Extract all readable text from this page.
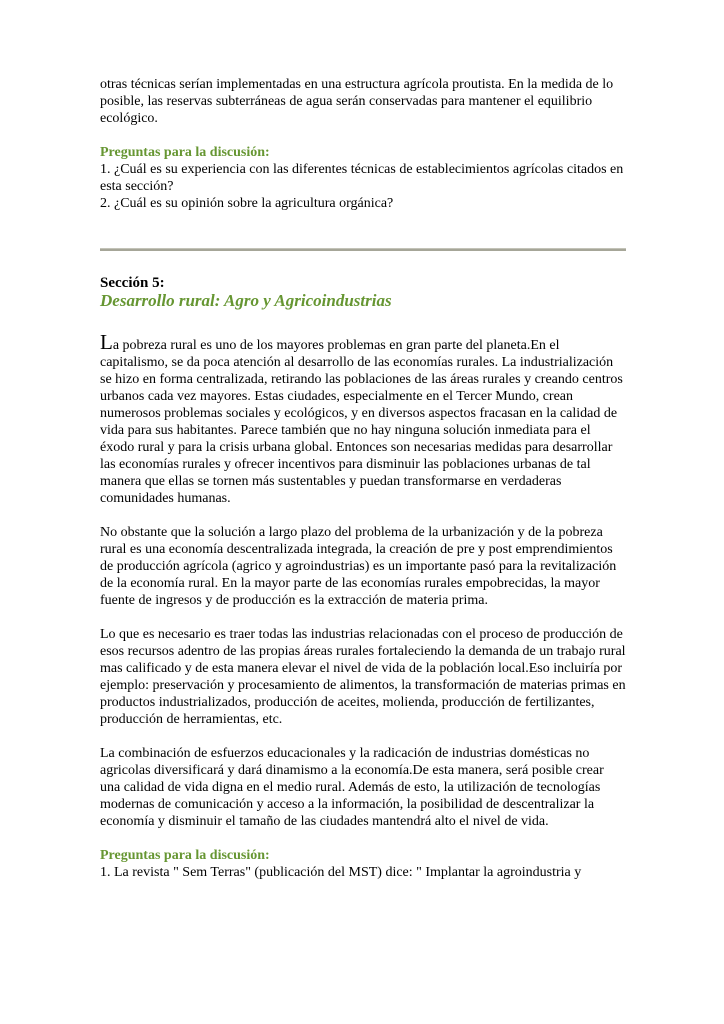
otras técnicas serían implementadas en una estructura agrícola proutista. En la medida de lo posible, las reservas subterráneas de agua serán conservadas para mantener el equilibrio ecológico.

Preguntas para la discusión:

1. ¿Cuál es su experiencia con las diferentes técnicas de establecimientos agrícolas citados en esta sección?

2. ¿Cuál es su opinión sobre la agricultura orgánica?

Sección 5:

Desarrollo rural: Agro y Agricoindustrias

La pobreza rural es uno de los mayores problemas en gran parte del planeta.En el capitalismo, se da poca atención al desarrollo de las economías rurales. La industrialización se hizo en forma centralizada, retirando las poblaciones de las áreas rurales y creando centros urbanos cada vez mayores. Estas ciudades, especialmente en el Tercer Mundo, crean numerosos problemas sociales y ecológicos, y en diversos aspectos fracasan en la calidad de vida para sus habitantes. Parece también que no hay ninguna solución inmediata para el éxodo rural y para la crisis urbana global. Entonces son necesarias medidas para desarrollar las economías rurales y ofrecer incentivos para disminuir las poblaciones urbanas de tal manera que ellas se tornen más sustentables y puedan transformarse en verdaderas comunidades humanas.

No obstante que la solución a largo plazo del problema de la urbanización y de la pobreza rural es una economía descentralizada integrada, la creación de pre y post emprendimientos de producción agrícola (agrico y agroindustrias) es un importante pasó para la revitalización de la economía rural. En la mayor parte de las economías rurales empobrecidas, la mayor fuente de ingresos y de producción es la extracción de materia prima.

Lo que es necesario es traer todas las industrias relacionadas con el proceso de producción de esos recursos adentro de las propias áreas rurales fortaleciendo la demanda de un trabajo rural mas calificado y de esta manera elevar el nivel de vida de la población local.Eso incluiría por ejemplo: preservación y procesamiento de alimentos, la transformación de materias primas en productos industrializados, producción de aceites, molienda, producción de fertilizantes, producción de herramientas, etc.

La combinación de esfuerzos educacionales y la radicación de industrias domésticas no agricolas diversificará y dará dinamismo a la economía.De esta manera, será posible crear una calidad de vida digna en el medio rural. Además de esto, la utilización de tecnologías modernas de comunicación y acceso a la información, la posibilidad de descentralizar la economía y disminuir el tamaño de las ciudades mantendrá alto el nivel de vida.

Preguntas para la discusión:

1. La revista " Sem Terras" (publicación del MST) dice: " Implantar la agroindustria y
